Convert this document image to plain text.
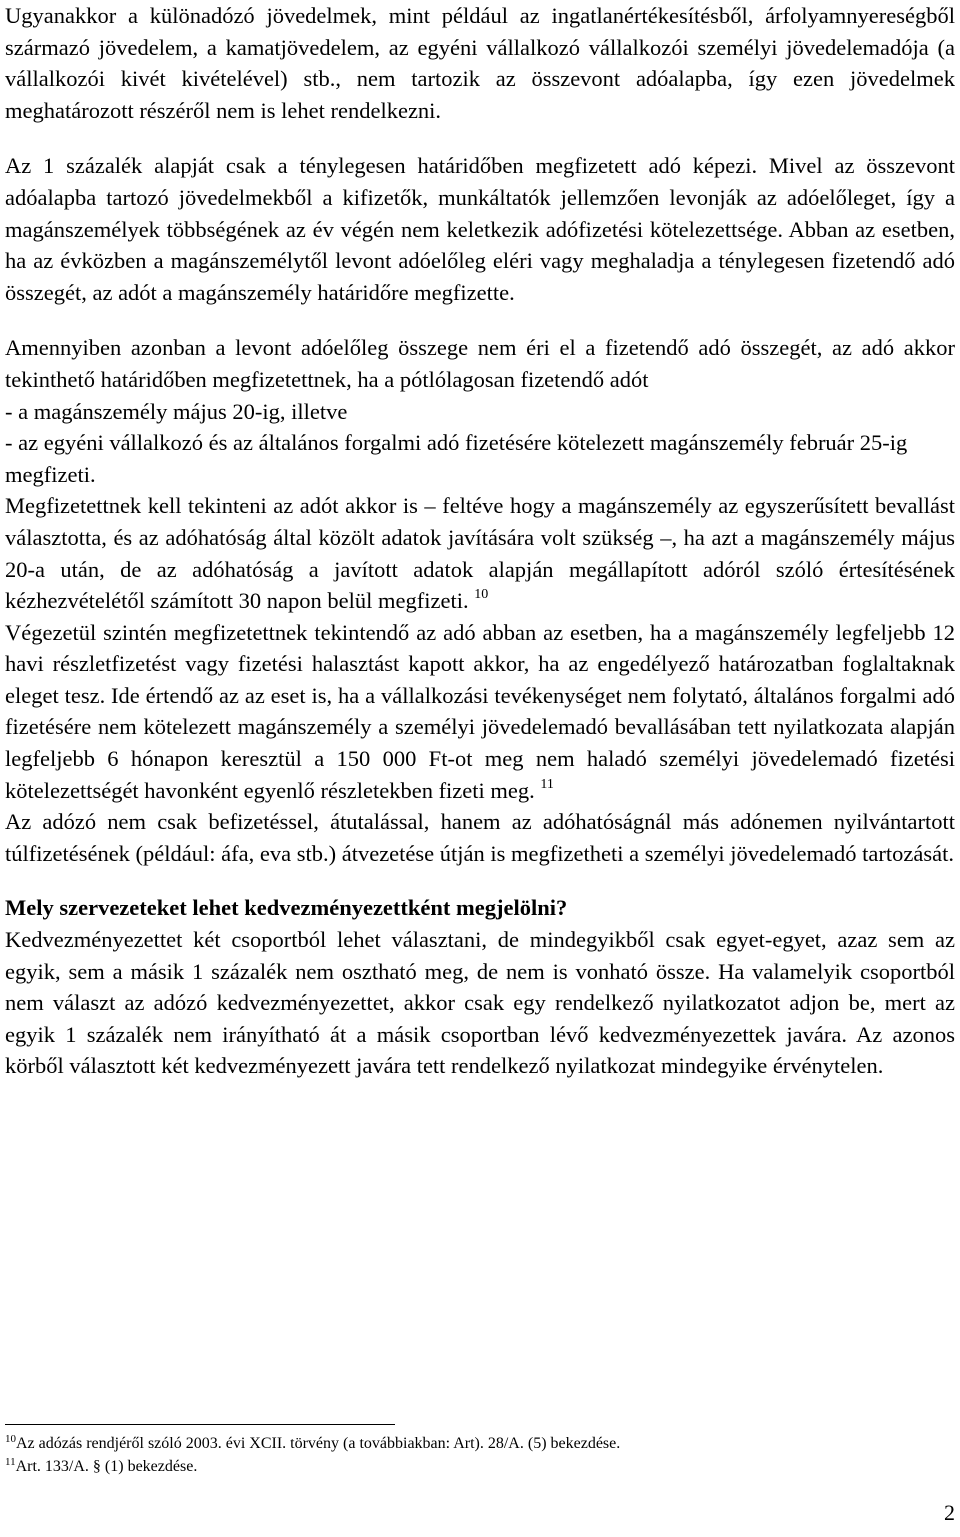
Ugyanakkor a különadózó jövedelmek, mint például az ingatlanértékesítésből, árfolyamnyereségből származó jövedelem, a kamatjövedelem, az egyéni vállalkozó vállalkozói személyi jövedelemadója (a vállalkozói kivét kivételével) stb., nem tartozik az összevont adóalapba, így ezen jövedelmek meghatározott részéről nem is lehet rendelkezni.

Az 1 százalék alapját csak a ténylegesen határidőben megfizetett adó képezi. Mivel az összevont adóalapba tartozó jövedelmekből a kifizetők, munkáltatók jellemzően levonják az adóelőleget, így a magánszemélyek többségének az év végén nem keletkezik adófizetési kötelezettsége. Abban az esetben, ha az évközben a magánszemélytől levont adóelőleg eléri vagy meghaladja a ténylegesen fizetendő adó összegét, az adót a magánszemély határidőre megfizette.

Amennyiben azonban a levont adóelőleg összege nem éri el a fizetendő adó összegét, az adó akkor tekinthető határidőben megfizetettnek, ha a pótlólagosan fizetendő adót

- a magánszemély május 20-ig, illetve

- az egyéni vállalkozó és az általános forgalmi adó fizetésére kötelezett magánszemély február 25-ig

megfizeti.

Megfizetettnek kell tekinteni az adót akkor is – feltéve hogy a magánszemély az egyszerűsített bevallást választotta, és az adóhatóság által közölt adatok javítására volt szükség –, ha azt a magánszemély május 20-a után, de az adóhatóság a javított adatok alapján megállapított adóról szóló értesítésének kézhezvételétől számított 30 napon belül megfizeti. $^{10}$

Végezetül szintén megfizetettnek tekintendő az adó abban az esetben, ha a magánszemély legfeljebb 12 havi részletfizetést vagy fizetési halasztást kapott akkor, ha az engedélyező határozatban foglaltaknak eleget tesz. Ide értendő az az eset is, ha a vállalkozási tevékenységet nem folytató, általános forgalmi adó fizetésére nem kötelezett magánszemély a személyi jövedelemadó bevallásában tett nyilatkozata alapján legfeljebb 6 hónapon keresztül a 150 000 Ft-ot meg nem haladó személyi jövedelemadó fizetési kötelezettségét havonként egyenlő részletekben fizeti meg. $^{11}$

Az adózó nem csak befizetéssel, átutalással, hanem az adóhatóságnál más adónemen nyilvántartott túlfizetésének (például: áfa, eva stb.) átvezetése útján is megfizetheti a személyi jövedelemadó tartozását.

Mely szervezeteket lehet kedvezményezettként megjelölni?

Kedvezményezettet két csoportból lehet választani, de mindegyikből csak egyet-egyet, azaz sem az egyik, sem a másik 1 százalék nem osztható meg, de nem is vonható össze. Ha valamelyik csoportból nem választ az adózó kedvezményezettet, akkor csak egy rendelkező nyilatkozatot adjon be, mert az egyik 1 százalék nem irányítható át a másik csoportban lévő kedvezményezettek javára. Az azonos körből választott két kedvezményezett javára tett rendelkező nyilatkozat mindegyike érvénytelen.

$^{10}$Az adózás rendjéről szóló 2003. évi XCII. törvény (a továbbiakban: Art). 28/A. (5) bekezdése.

$^{11}$Art. 133/A. § (1) bekezdése.

2
